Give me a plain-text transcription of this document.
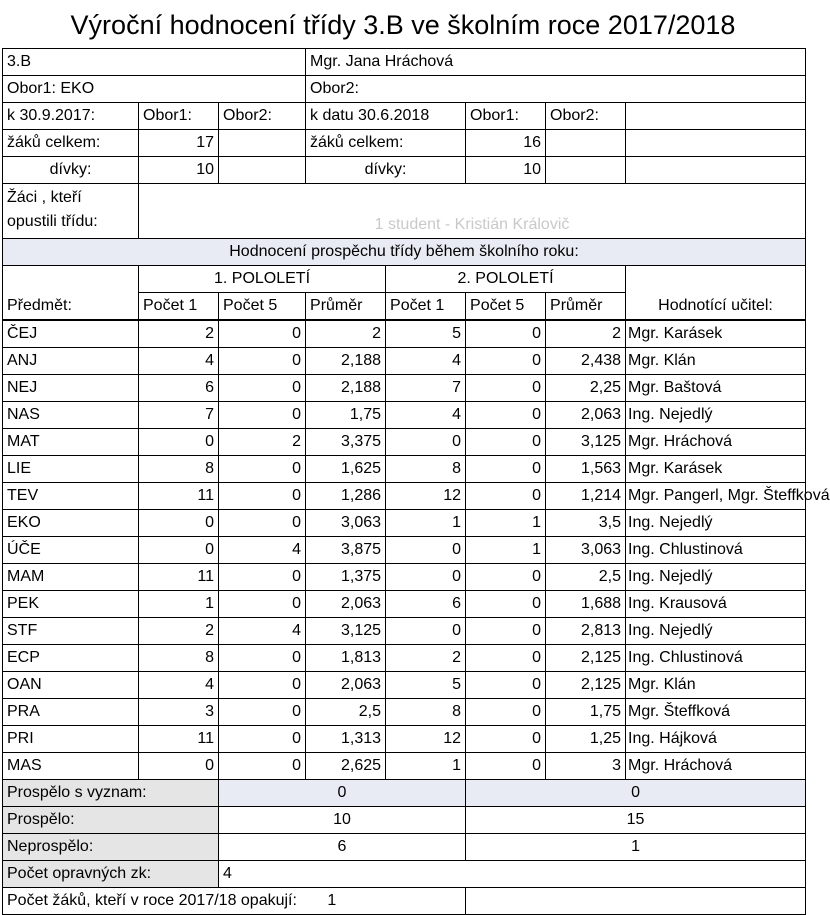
Výroční hodnocení třídy 3.B ve školním roce 2017/2018
3.B			Mgr. Jana Hráchová				
Obor1: EKO			Obor2:				
k 30.9.2017:	Obor1:	Obor2:	k datu 30.6.2018		Obor1:	Obor2:	
žáků celkem:	17		žáků celkem:		16		
dívky:	10		dívky:		10		

Žáci , kteří
opustili třídu:	1 student - Kristián Královič						
Hodnocení prospěchu třídy během školního roku:							
	1. POLOLETÍ			2. POLOLETÍ			
Předmět:	Počet 1	Počet 5	Průměr	Počet 1	Počet 5	Průměr	Hodnotící učitel:
ČEJ	2	0	2	5	0	2	Mgr. Karásek
ANJ	4	0	2,188	4	0	2,438	Mgr. Klán
NEJ	6	0	2,188	7	0	2,25	Mgr. Baštová
NAS	7	0	1,75	4	0	2,063	Ing. Nejedlý
MAT	0	2	3,375	0	0	3,125	Mgr. Hráchová
LIE	8	0	1,625	8	0	1,563	Mgr. Karásek
TEV	11	0	1,286	12	0	1,214	Mgr. Pangerl, Mgr. Šteffková
EKO	0	0	3,063	1	1	3,5	Ing. Nejedlý
ÚČE	0	4	3,875	0	1	3,063	Ing. Chlustinová
MAM	11	0	1,375	0	0	2,5	Ing. Nejedlý
PEK	1	0	2,063	6	0	1,688	Ing. Krausová
STF	2	4	3,125	0	0	2,813	Ing. Nejedlý
ECP	8	0	1,813	2	0	2,125	Ing. Chlustinová
OAN	4	0	2,063	5	0	2,125	Mgr. Klán
PRA	3	0	2,5	8	0	1,75	Mgr. Šteffková
PRI	11	0	1,313	12	0	1,25	Ing. Hájková
MAS	0	0	2,625	1	0	3	Mgr. Hráchová
Prospělo s vyznam:		0			0		
Prospělo:		10			15		
Neprospělo:		6			1		
Počet opravných zk:		4					
Počet žáků, kteří v roce 2017/18 opakují: 1							
